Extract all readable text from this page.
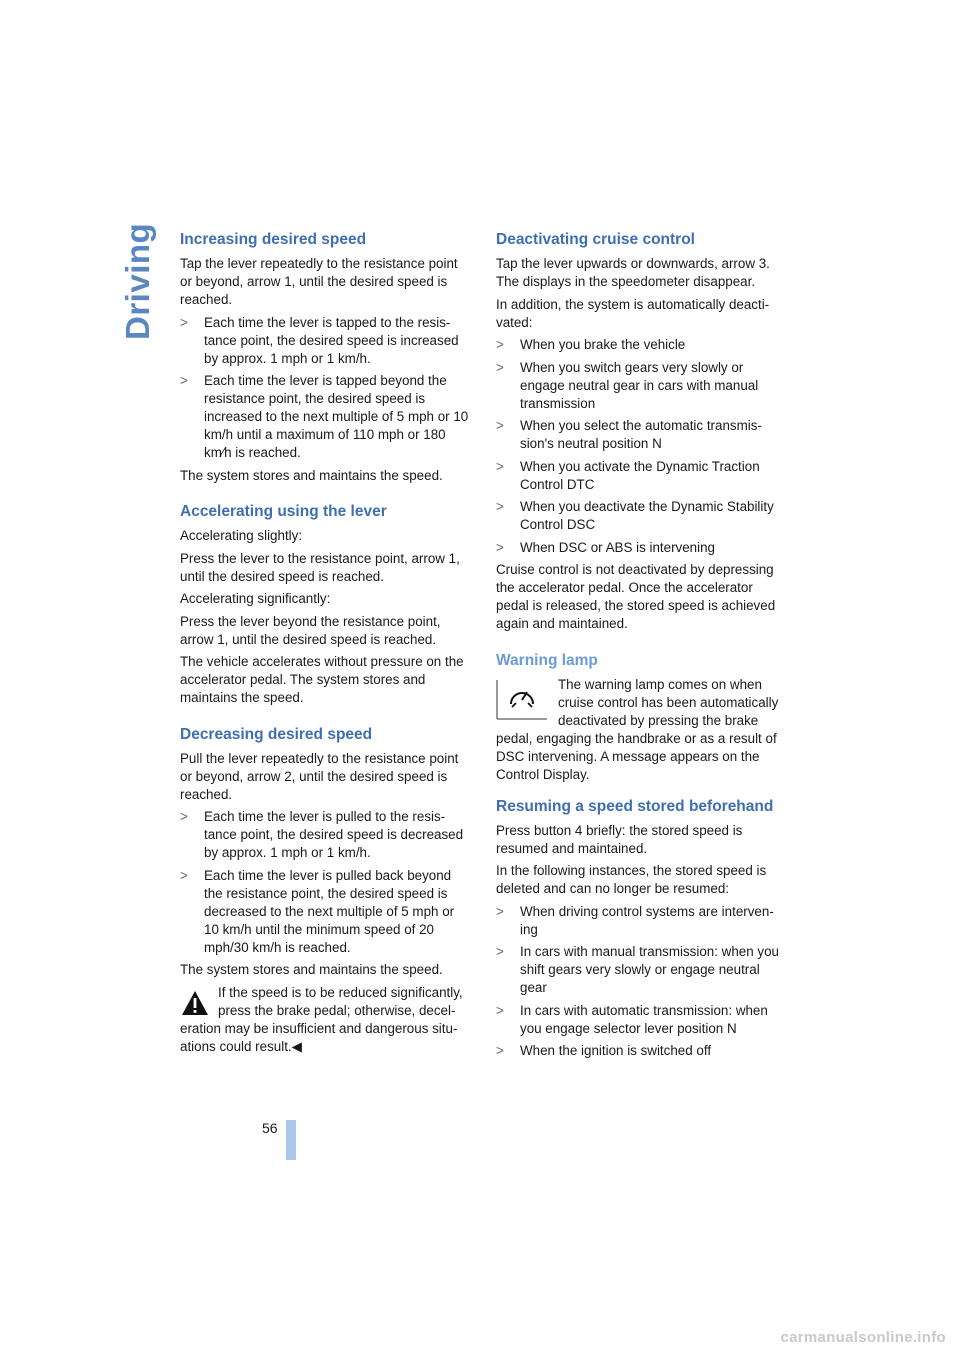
Driving Increasing desired speed

Tap the lever repeatedly to the resistance point or beyond, arrow 1, until the desired speed is reached.

> Each time the lever is tapped to the resis-tance point, the desired speed is increased by approx. 1 mph or 1 km/h.
> Each time the lever is tapped beyond the resistance point, the desired speed is increased to the next multiple of 5 mph or 10 km/h until a maximum of 110 mph or 180 km⁄h is reached.

The system stores and maintains the speed.

Accelerating using the lever

Accelerating slightly:

Press the lever to the resistance point, arrow 1, until the desired speed is reached.

Accelerating significantly:

Press the lever beyond the resistance point, arrow 1, until the desired speed is reached.

The vehicle accelerates without pressure on the accelerator pedal. The system stores and maintains the speed.

Decreasing desired speed

Pull the lever repeatedly to the resistance point or beyond, arrow 2, until the desired speed is reached.

> Each time the lever is pulled to the resis-tance point, the desired speed is decreased by approx. 1 mph or 1 km/h.
> Each time the lever is pulled back beyond the resistance point, the desired speed is decreased to the next multiple of 5 mph or 10 km/h until the minimum speed of 20 mph/30 km/h is reached.

The system stores and maintains the speed.

If the speed is to be reduced significantly, press the brake pedal; otherwise, decel-eration may be insufficient and dangerous situ-ations could result.◀

Deactivating cruise control

Tap the lever upwards or downwards, arrow 3. The displays in the speedometer disappear.

In addition, the system is automatically deacti-vated:

> When you brake the vehicle
> When you switch gears very slowly or engage neutral gear in cars with manual transmission
> When you select the automatic transmis-sion's neutral position N
> When you activate the Dynamic Traction Control DTC
> When you deactivate the Dynamic Stability Control DSC
> When DSC or ABS is intervening

Cruise control is not deactivated by depressing the accelerator pedal. Once the accelerator pedal is released, the stored speed is achieved again and maintained.

Warning lamp

The warning lamp comes on when cruise control has been automatically deactivated by pressing the brake pedal, engaging the handbrake or as a result of DSC intervening. A message appears on the Control Display.

Resuming a speed stored beforehand

Press button 4 briefly: the stored speed is resumed and maintained.

In the following instances, the stored speed is deleted and can no longer be resumed:

> When driving control systems are interven-ing
> In cars with manual transmission: when you shift gears very slowly or engage neutral gear
> In cars with automatic transmission: when you engage selector lever position N
> When the ignition is switched off
56
carmanualsonline.info
